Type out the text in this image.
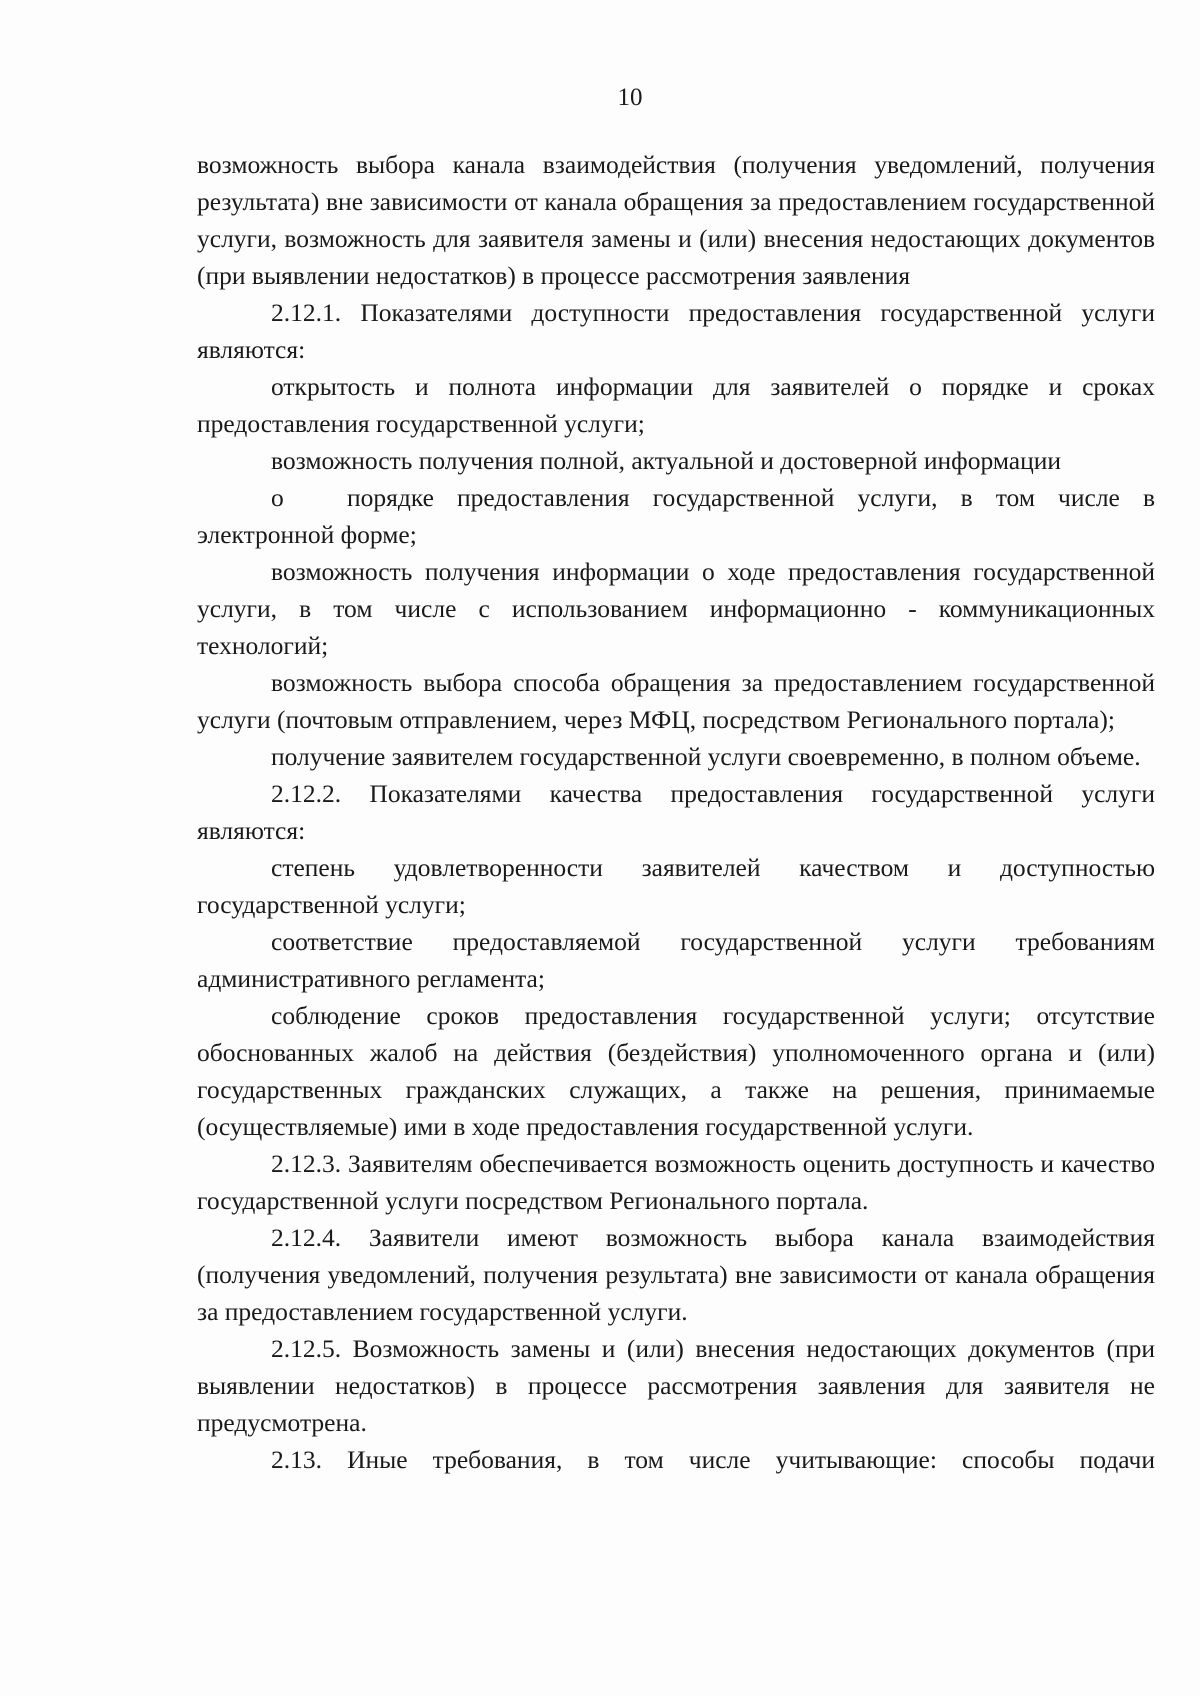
10

возможность выбора канала взаимодействия (получения уведомлений, получения результата) вне зависимости от канала обращения за предоставлением государственной услуги, возможность для заявителя замены и (или) внесения недостающих документов (при выявлении недостатков) в процессе рассмотрения заявления

2.12.1. Показателями доступности предоставления государственной услуги являются:

открытость и полнота информации для заявителей о порядке и сроках предоставления государственной услуги;

возможность получения полной, актуальной и достоверной информации

о	порядке предоставления государственной услуги, в том числе в

электронной форме;

возможность получения информации о ходе предоставления государственной услуги, в том числе с использованием информационно - коммуникационных технологий;

возможность выбора способа обращения за предоставлением государственной услуги (почтовым отправлением, через МФЦ, посредством Регионального портала);

получение заявителем государственной услуги своевременно, в полном объеме.

2.12.2. Показателями качества предоставления государственной услуги являются:

степень удовлетворенности заявителей качеством и доступностью государственной услуги;

соответствие предоставляемой государственной услуги требованиям административного регламента;

соблюдение сроков предоставления государственной услуги; отсутствие обоснованных жалоб на действия (бездействия) уполномоченного органа и (или) государственных гражданских служащих, а также на решения, принимаемые (осуществляемые) ими в ходе предоставления государственной услуги.

2.12.3. Заявителям обеспечивается возможность оценить доступность и качество государственной услуги посредством Регионального портала.

2.12.4. Заявители имеют возможность выбора канала взаимодействия (получения уведомлений, получения результата) вне зависимости от канала обращения за предоставлением государственной услуги.

2.12.5. Возможность замены и (или) внесения недостающих документов (при выявлении недостатков) в процессе рассмотрения заявления для заявителя не предусмотрена.

2.13. Иные требования, в том числе учитывающие: способы подачи
